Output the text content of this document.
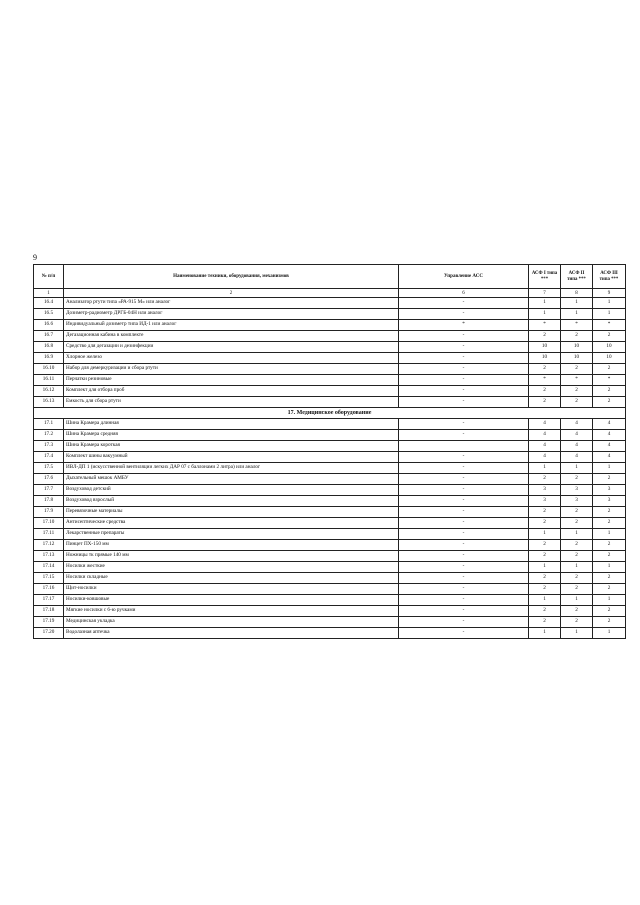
9
№ п/п	Наименование техники, оборудования, механизмов	Управление АСС	АСФ I типа ***	АСФ II типа ***	АСФ III типа ***
1	2	6	7	8	9
16.4	Анализатор ртути типа «РА-915 М» или аналог	-	1	1	1
16.5	Дозиметр-радиометр ДРГБ-04Н или аналог	-	1	1	1
16.6	Индивидуальный дозиметр типа ИД-1 или аналог	*	*	*	*
16.7	Дегазационная кабина в комплекте	-	2	2	2
16.8	Средство для дегазации и дезинфекции	-	10	10	10
16.9	Хлорное железо	-	10	10	10
16.10	Набор для демеркуризации и сбора ртути	-	2	2	2
16.11	Перчатки резиновые	-	*	*	*
16.12	Комплект для отбора проб	-	2	2	2
16.13	Емкость для сбора ртути	-	2	2	2
17. Медицинское оборудование					
17.1	Шина Крамера длинная	-	4	4	4
17.2	Шина Крамера средняя	-	4	4	4
17.3	Шина Крамера короткая		4	4	4
17.4	Комплект шины вакуумный	-	4	4	4
17.5	ИВЛ-ДП 1 (искусственной вентиляции легких ДАР 07 с баллонами 2 литра) или аналог	-	1	1	1
17.6	Дыхательный мешок АМБУ	-	2	2	2
17.7	Воздуховод детский	-	3	3	3
17.8	Воздуховод взрослый	-	3	3	3
17.9	Перевязочные материалы	-	2	2	2
17.10	Антисептические средства	-	2	2	2
17.11	Лекарственные препараты	-	1	1	1
17.12	Пинцет ПХ-150 мм	-	2	2	2
17.13	Ножницы тк прямые 140 мм	-	2	2	2
17.14	Носилки жесткие	-	1	1	1
17.15	Носилки складные	-	2	2	2
17.16	Щит-носилки	-	2	2	2
17.17	Носилки-ковшовые	-	1	1	1
17.18	Мягкие носилки с 6-ю ручками	-	2	2	2
17.19	Медицинская укладка	-	2	2	2
17.20	Водолазная аптечка	-	1	1	1
